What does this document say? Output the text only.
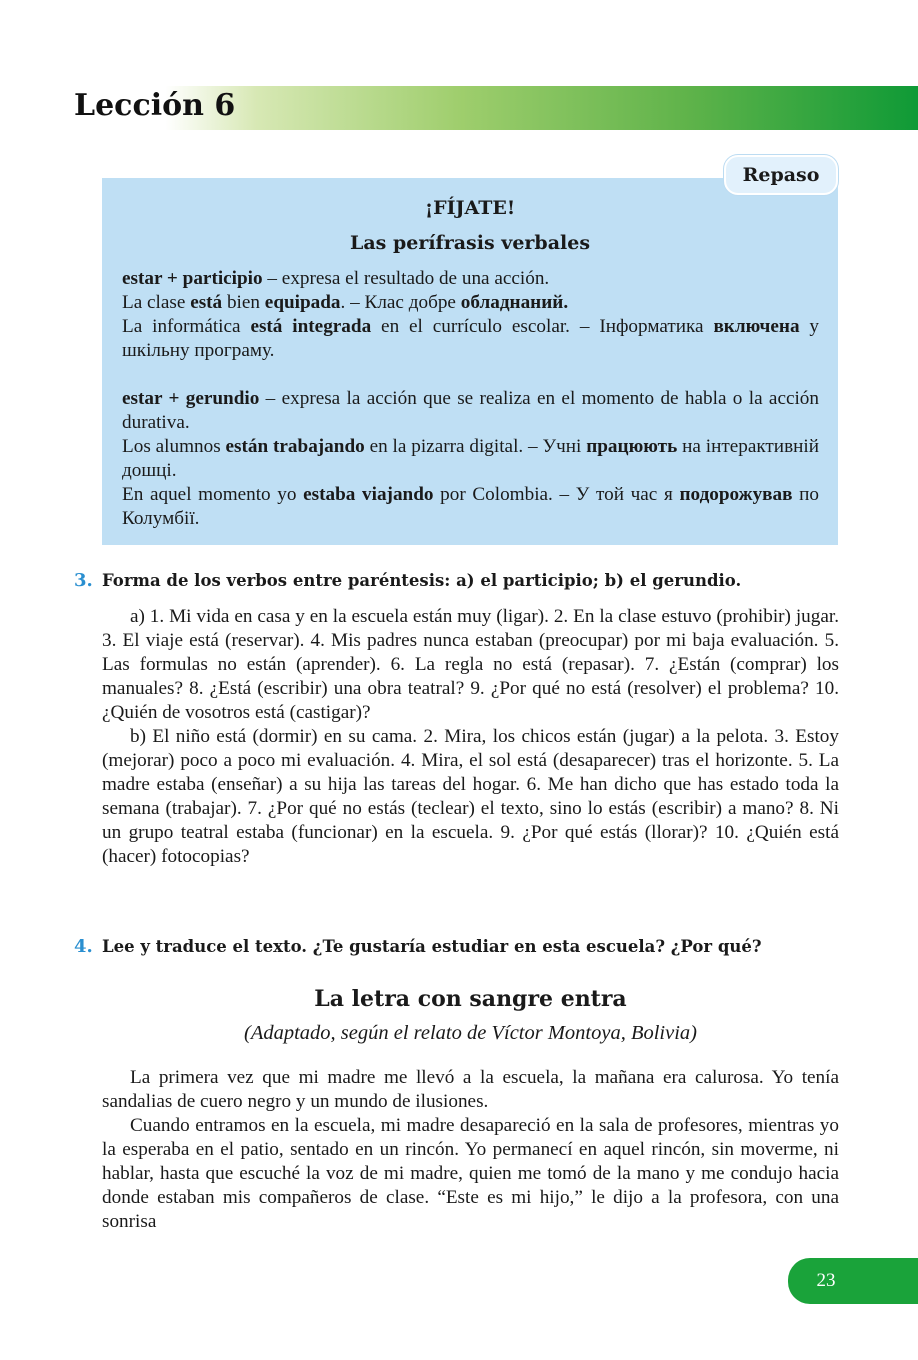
Lección 6
Repaso
¡FÍJATE!
Las perífrasis verbales

estar + participio – expresa el resultado de una acción.

La clase está bien equipada. – Клас добре обладнаний.

La informática está integrada en el currículo escolar. – Інформатика включена у шкільну програму.

estar + gerundio – expresa la acción que se realiza en el momento de habla o la acción durativa.

Los alumnos están trabajando en la pizarra digital. – Учні працюють на інтерактивній дошці.

En aquel momento yo estaba viajando por Colombia. – У той час я подорожував по Колумбії.

3. Forma de los verbos entre paréntesis: a) el participio; b) el gerundio.

a) 1. Mi vida en casa y en la escuela están muy (ligar). 2. En la clase estuvo (prohibir) jugar. 3. El viaje está (reservar). 4. Mis padres nunca estaban (preocupar) por mi baja evaluación. 5. Las formulas no están (aprender). 6. La regla no está (repasar). 7. ¿Están (comprar) los manuales? 8. ¿Está (escribir) una obra teatral? 9. ¿Por qué no está (resolver) el problema? 10. ¿Quién de vosotros está (castigar)?

b) El niño está (dormir) en su cama. 2. Mira, los chicos están (jugar) a la pelota. 3. Estoy (mejorar) poco a poco mi evaluación. 4. Mira, el sol está (desaparecer) tras el horizonte. 5. La madre estaba (enseñar) a su hija las tareas del hogar. 6. Me han dicho que has estado toda la semana (trabajar). 7. ¿Por qué no estás (teclear) el texto, sino lo estás (escribir) a mano? 8. Ni un grupo teatral estaba (funcionar) en la escuela. 9. ¿Por qué estás (llorar)? 10. ¿Quién está (hacer) fotocopias?

4. Lee y traduce el texto. ¿Te gustaría estudiar en esta escuela? ¿Por qué?
La letra con sangre entra
(Adaptado, según el relato de Víctor Montoya, Bolivia)

La primera vez que mi madre me llevó a la escuela, la mañana era calurosa. Yo tenía sandalias de cuero negro y un mundo de ilusiones.

Cuando entramos en la escuela, mi madre desapareció en la sala de profesores, mientras yo la esperaba en el patio, sentado en un rincón. Yo permanecí en aquel rincón, sin moverme, ni hablar, hasta que escuché la voz de mi madre, quien me tomó de la mano y me condujo hacia donde estaban mis compañeros de clase. “Este es mi hijo,” le dijo a la profesora, con una sonrisa

23
